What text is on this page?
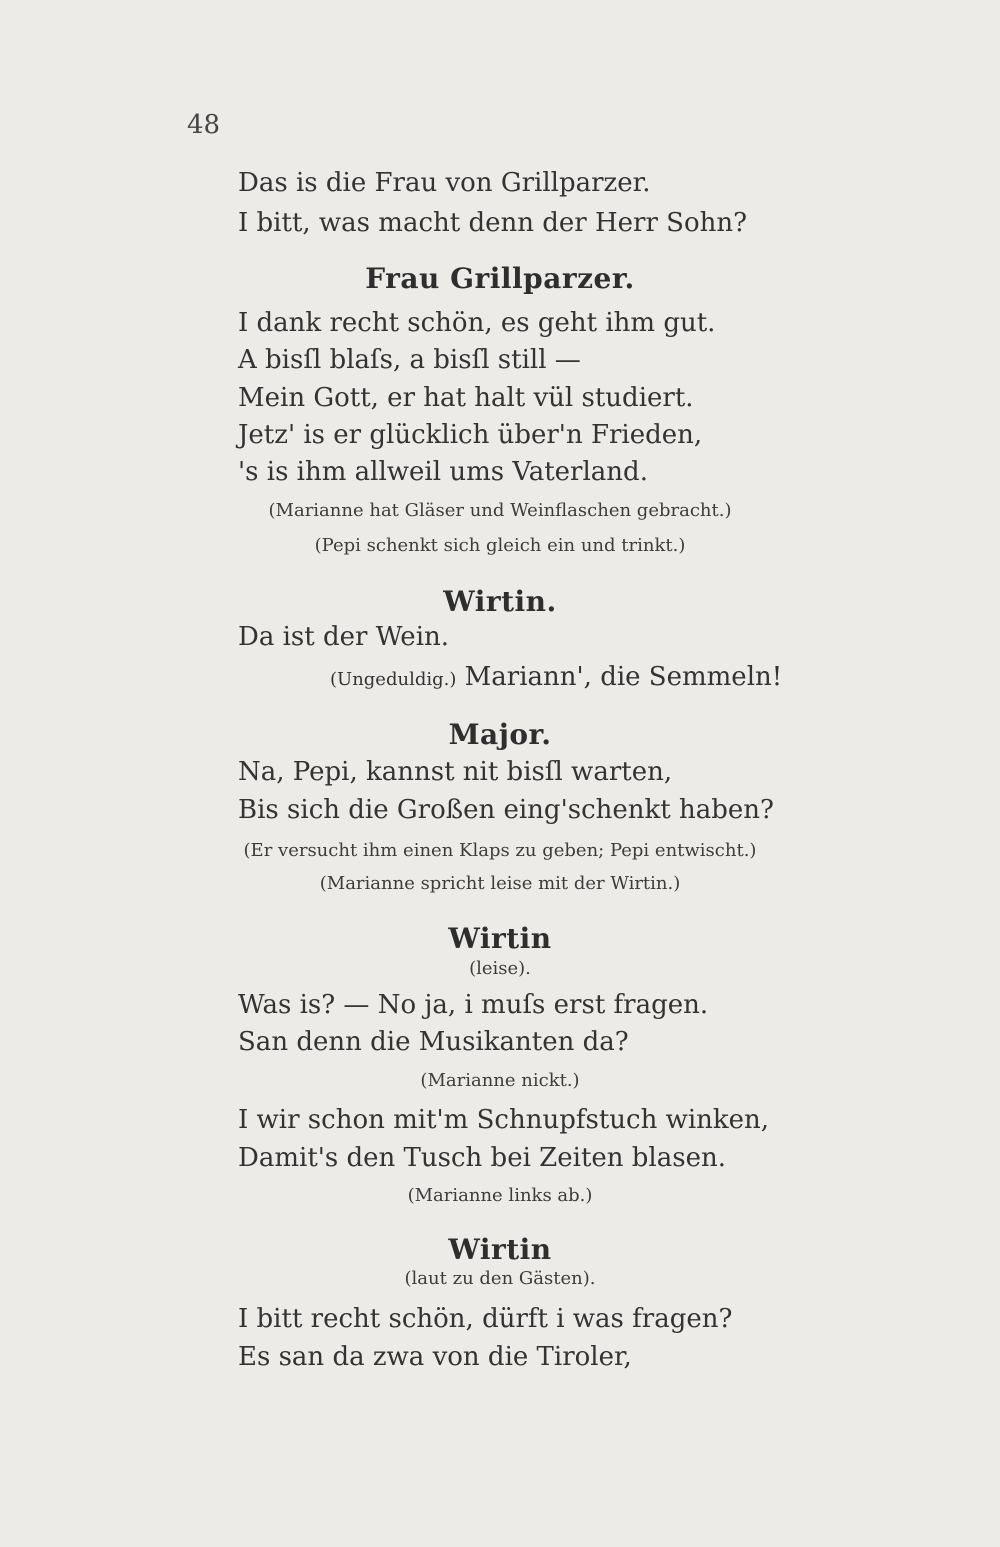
48
Das is die Frau von Grillparzer.
I bitt, was macht denn der Herr Sohn?
Frau Grillparzer.
I dank recht schön, es geht ihm gut.
A bisſl blaſs, a bisſl still —
Mein Gott, er hat halt vül studiert.
Jetz' is er glücklich über'n Frieden,
's is ihm allweil ums Vaterland.
(Marianne hat Gläser und Weinflaschen gebracht.)
(Pepi schenkt sich gleich ein und trinkt.)
Wirtin.
Da ist der Wein.
(Ungeduldig.) Mariann', die Semmeln!
Major.
Na, Pepi, kannst nit bisſl warten,
Bis sich die Großen eing'schenkt haben?
(Er versucht ihm einen Klaps zu geben; Pepi entwischt.)
(Marianne spricht leise mit der Wirtin.)
Wirtin
(leise).
Was is? — No ja, i muſs erst fragen.
San denn die Musikanten da?
(Marianne nickt.)
I wir schon mit'm Schnupfstuch winken,
Damit's den Tusch bei Zeiten blasen.
(Marianne links ab.)
Wirtin
(laut zu den Gästen).
I bitt recht schön, dürft i was fragen?
Es san da zwa von die Tiroler,
